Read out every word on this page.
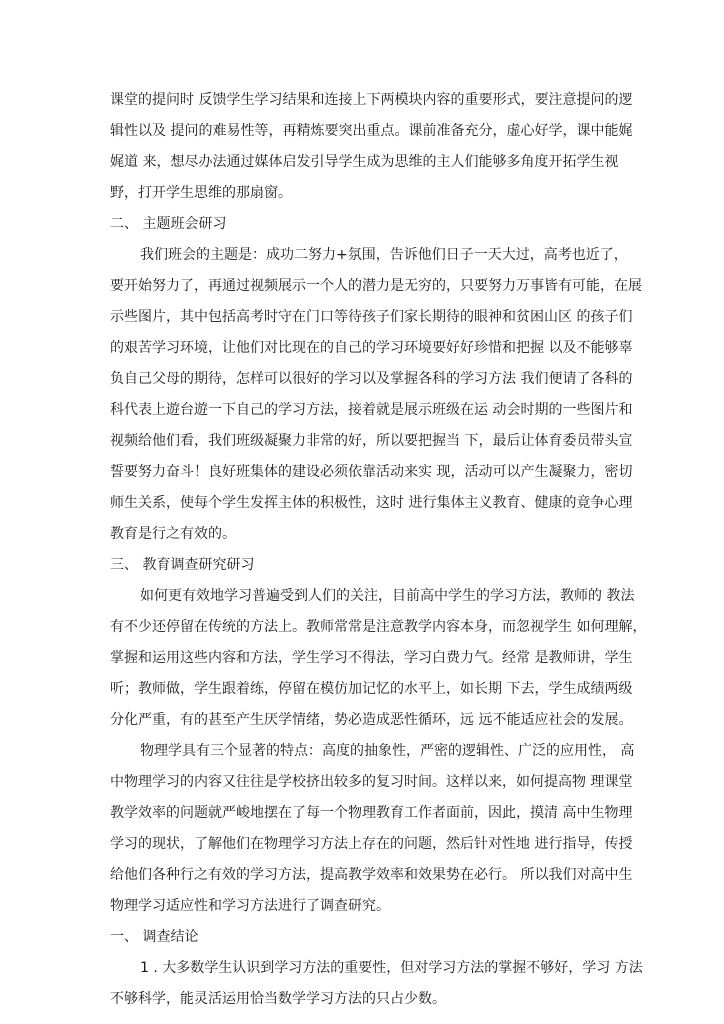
课堂的提问时 反馈学生学习结果和连接上下两模块内容的重要形式，要注意提问的逻
辑性以及 提问的难易性等，再精炼要突出重点。课前准备充分，虚心好学，课中能娓
娓道 来，想尽办法通过媒体启发引导学生成为思维的主人们能够多角度开拓学生视
野，打开学生思维的那扇窗。
二、 主题班会研习
我们班会的主题是：成功二努力+氛围，告诉他们日子一天大过，高考也近了，
要开始努力了，再通过视频展示一个人的潜力是无穷的，只要努力万事皆有可能，在展
示些图片，其中包括高考时守在门口等待孩子们家长期待的眼神和贫困山区 的孩子们
的艰苦学习环境，让他们对比现在的自己的学习环境要好好珍惜和把握 以及不能够辜
负自己父母的期待，怎样可以很好的学习以及掌握各科的学习方法 我们便请了各科的
科代表上遊台遊一下自己的学习方法，接着就是展示班级在运 动会时期的一些图片和
视频给他们看，我们班级凝聚力非常的好，所以要把握当 下，最后让体育委员带头宣
誓要努力奋斗！良好班集体的建设必须依靠活动来实 现，活动可以产生凝聚力，密切
师生关系，使每个学生发挥主体的积极性，这时 进行集体主义教育、健康的竟争心理
教育是行之有效的。
三、 教育调查研究研习
如何更有效地学习普遍受到人们的关注，目前高中学生的学习方法，教师的 教法
有不少还停留在传统的方法上。教师常常是注意教学内容本身，而忽视学生 如何理解，
掌握和运用这些内容和方法，学生学习不得法，学习白费力气。经常 是教师讲，学生
听；教师做，学生跟着练，停留在模仿加记忆的水平上，如长期 下去，学生成绩两级
分化严重，有的甚至产生厌学情绪，势必造成恶性循环，远 远不能适应社会的发展。
物理学具有三个显著的特点：高度的抽象性，严密的逻辑性、广泛的应用性， 高
中物理学习的内容又往往是学校挤出较多的复习时间。这样以来，如何提高物 理课堂
教学效率的问题就严峻地摆在了每一个物理教育工作者面前，因此，摸清 高中生物理
学习的现状，了解他们在物理学习方法上存在的问题，然后针对性地 进行指导，传授
给他们各种行之有效的学习方法，提高教学效率和效果势在必行。 所以我们对高中生
物理学习适应性和学习方法进行了调查研究。
一、 调查结论
1 . 大多数学生认识到学习方法的重要性，但对学习方法的掌握不够好，学习 方法
不够科学，能灵活运用恰当数学学习方法的只占少数。
